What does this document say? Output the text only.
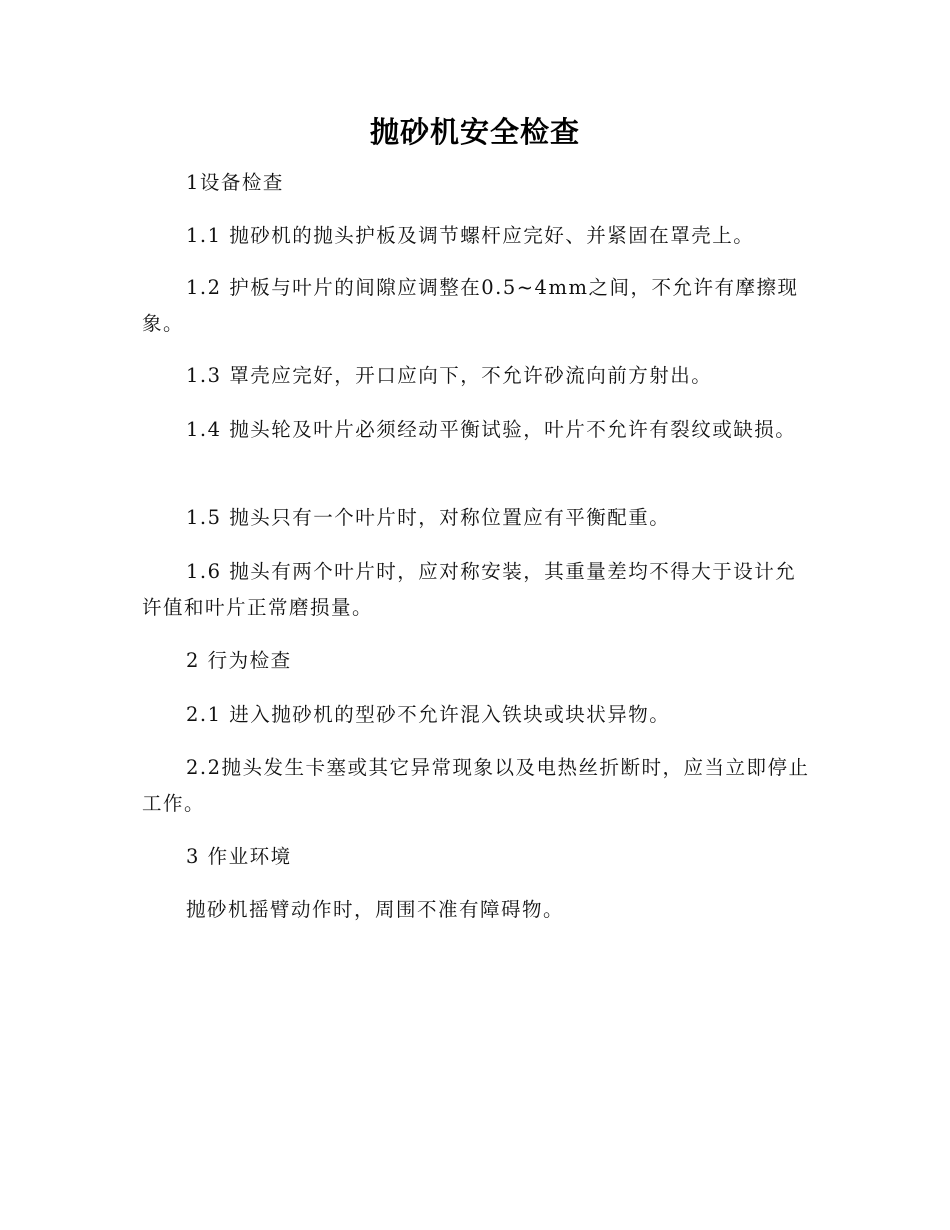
抛砂机安全检查

1设备检查

1.1 抛砂机的抛头护板及调节螺杆应完好、并紧固在罩壳上。

1.2 护板与叶片的间隙应调整在0.5~4mm之间，不允许有摩擦现象。

1.3 罩壳应完好，开口应向下，不允许砂流向前方射出。

1.4 抛头轮及叶片必须经动平衡试验，叶片不允许有裂纹或缺损。

1.5 抛头只有一个叶片时，对称位置应有平衡配重。

1.6 抛头有两个叶片时，应对称安装，其重量差均不得大于设计允许值和叶片正常磨损量。

2 行为检查

2.1 进入抛砂机的型砂不允许混入铁块或块状异物。

2.2抛头发生卡塞或其它异常现象以及电热丝折断时，应当立即停止工作。

3 作业环境

抛砂机摇臂动作时，周围不准有障碍物。
